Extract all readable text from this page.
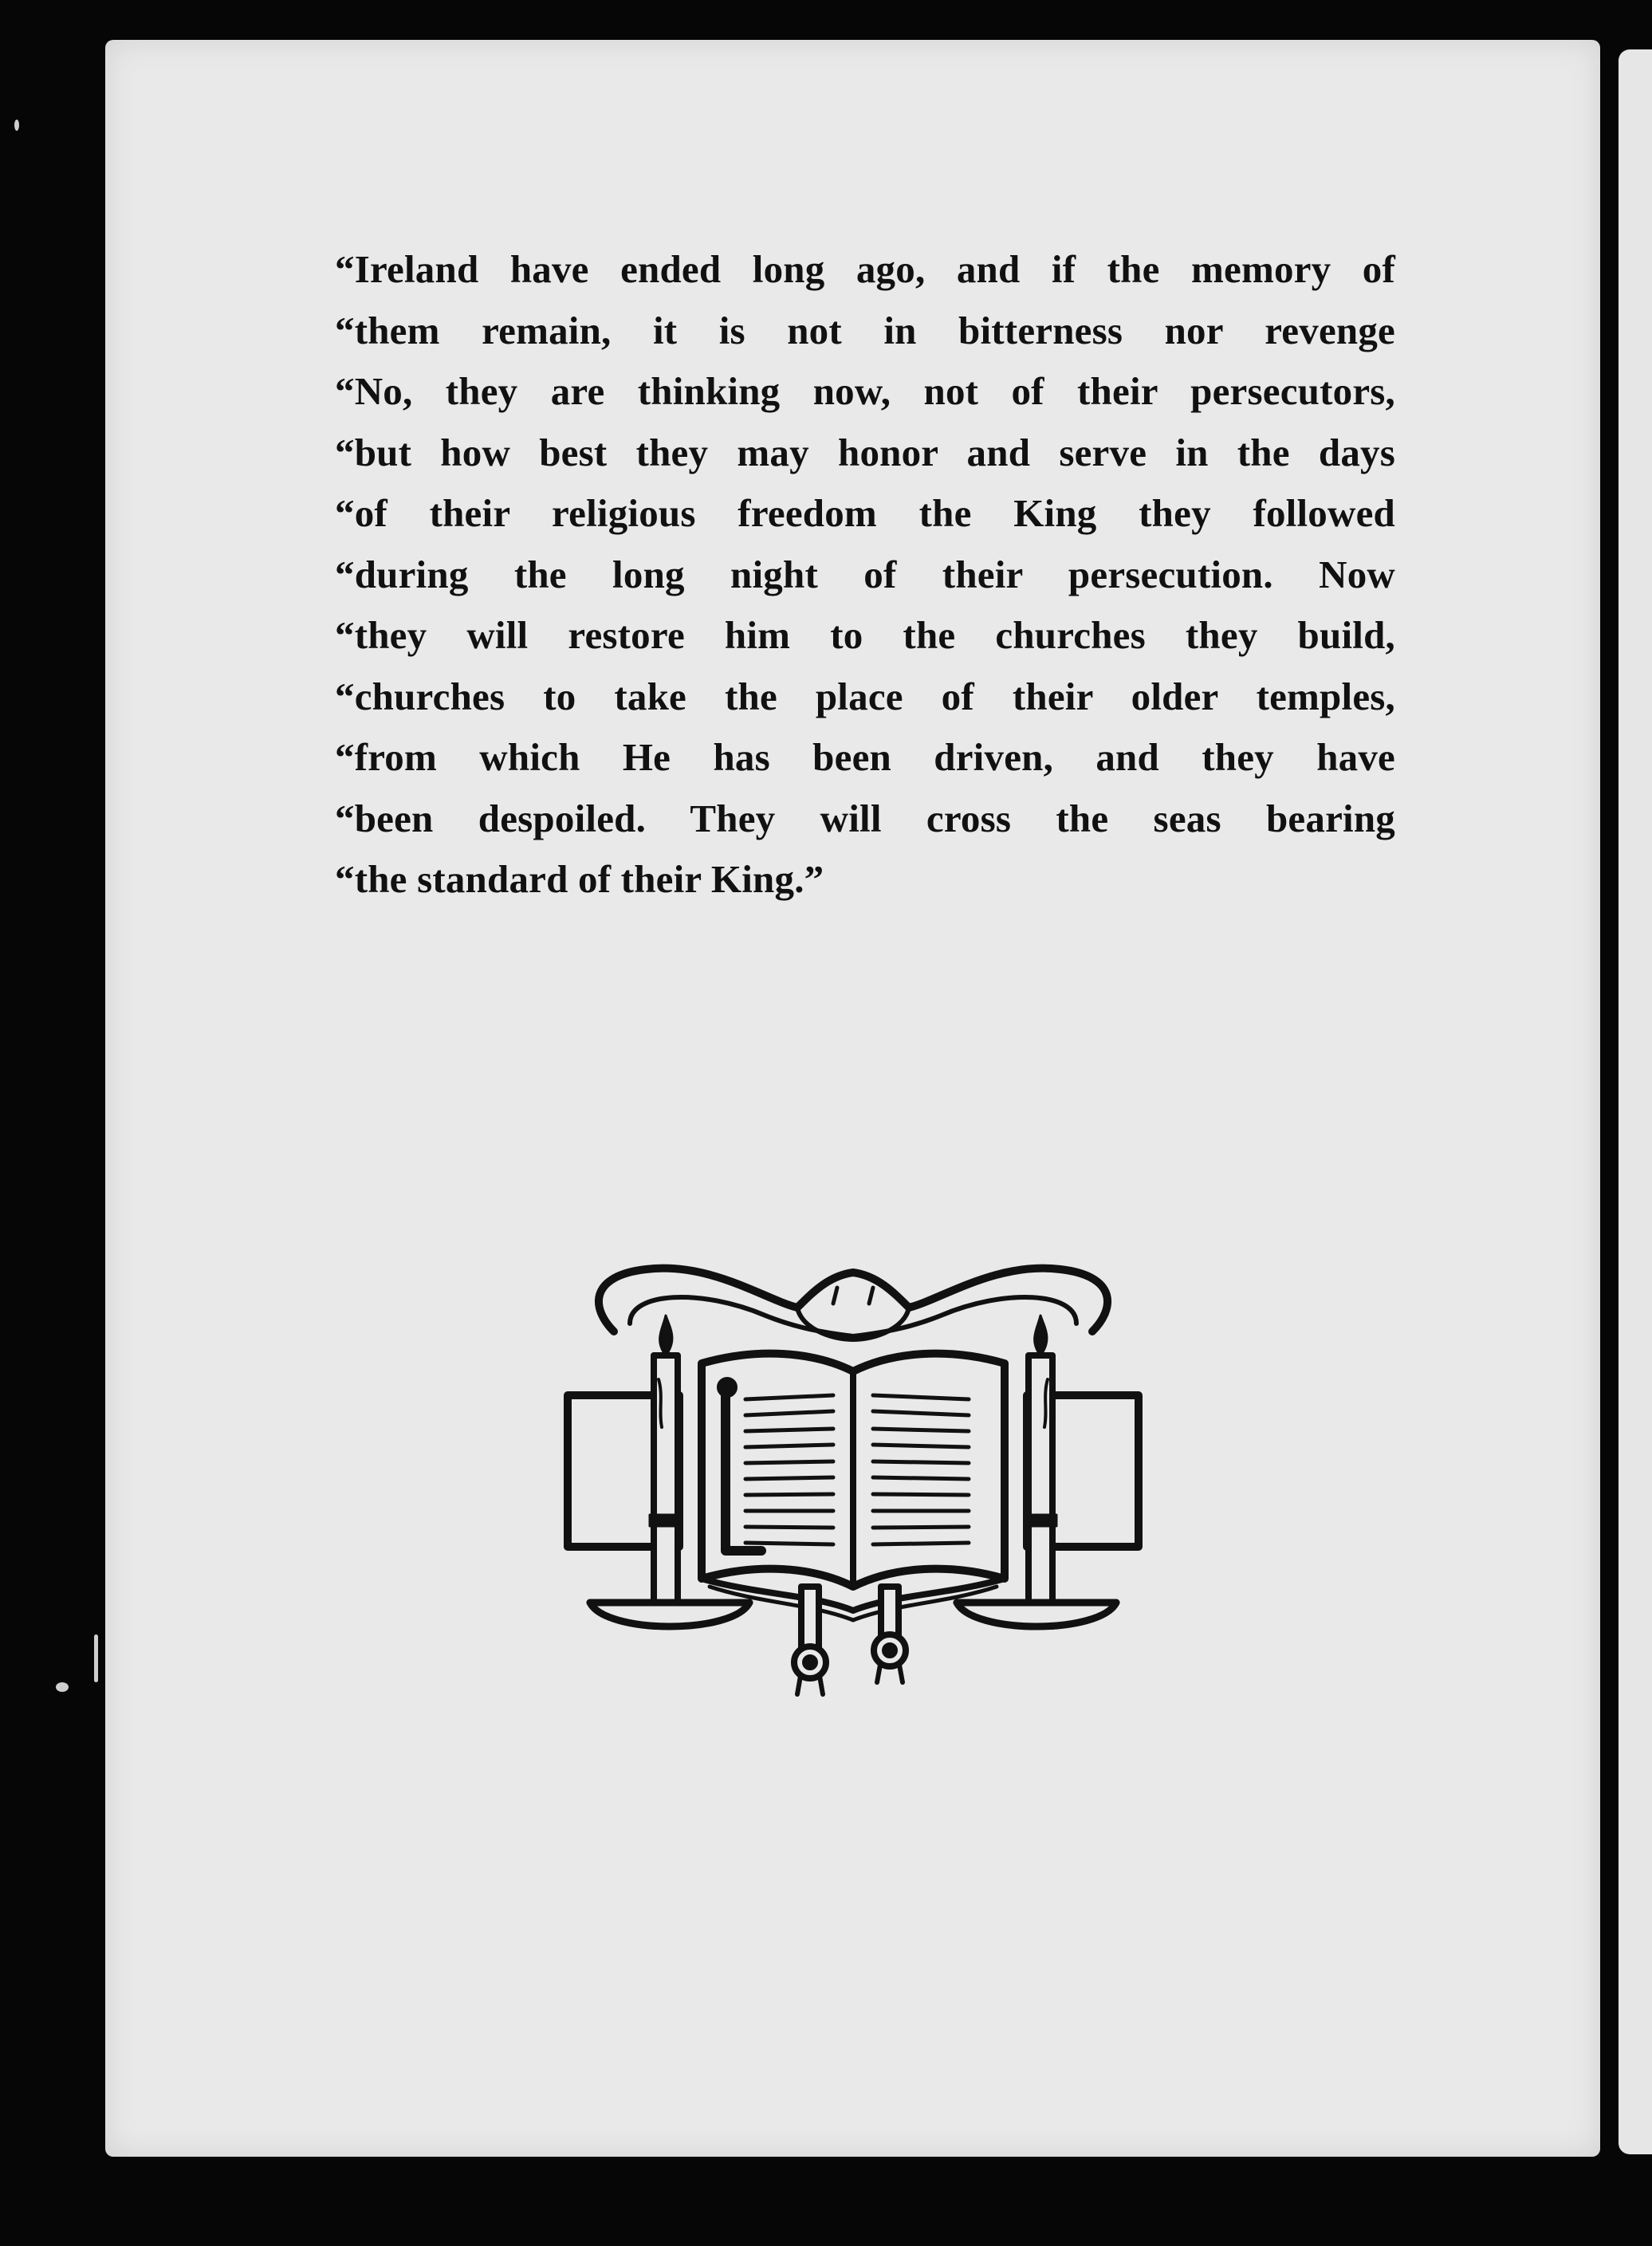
“Ireland have ended long ago, and if the memory of
“them remain, it is not in bitterness nor revenge
“No, they are thinking now, not of their persecutors,
“but how best they may honor and serve in the days
“of their religious freedom the King they followed
“during the long night of their persecution. Now
“they will restore him to the churches they build,
“churches to take the place of their older temples,
“from which He has been driven, and they have
“been despoiled. They will cross the seas bearing
“the standard of their King.”
